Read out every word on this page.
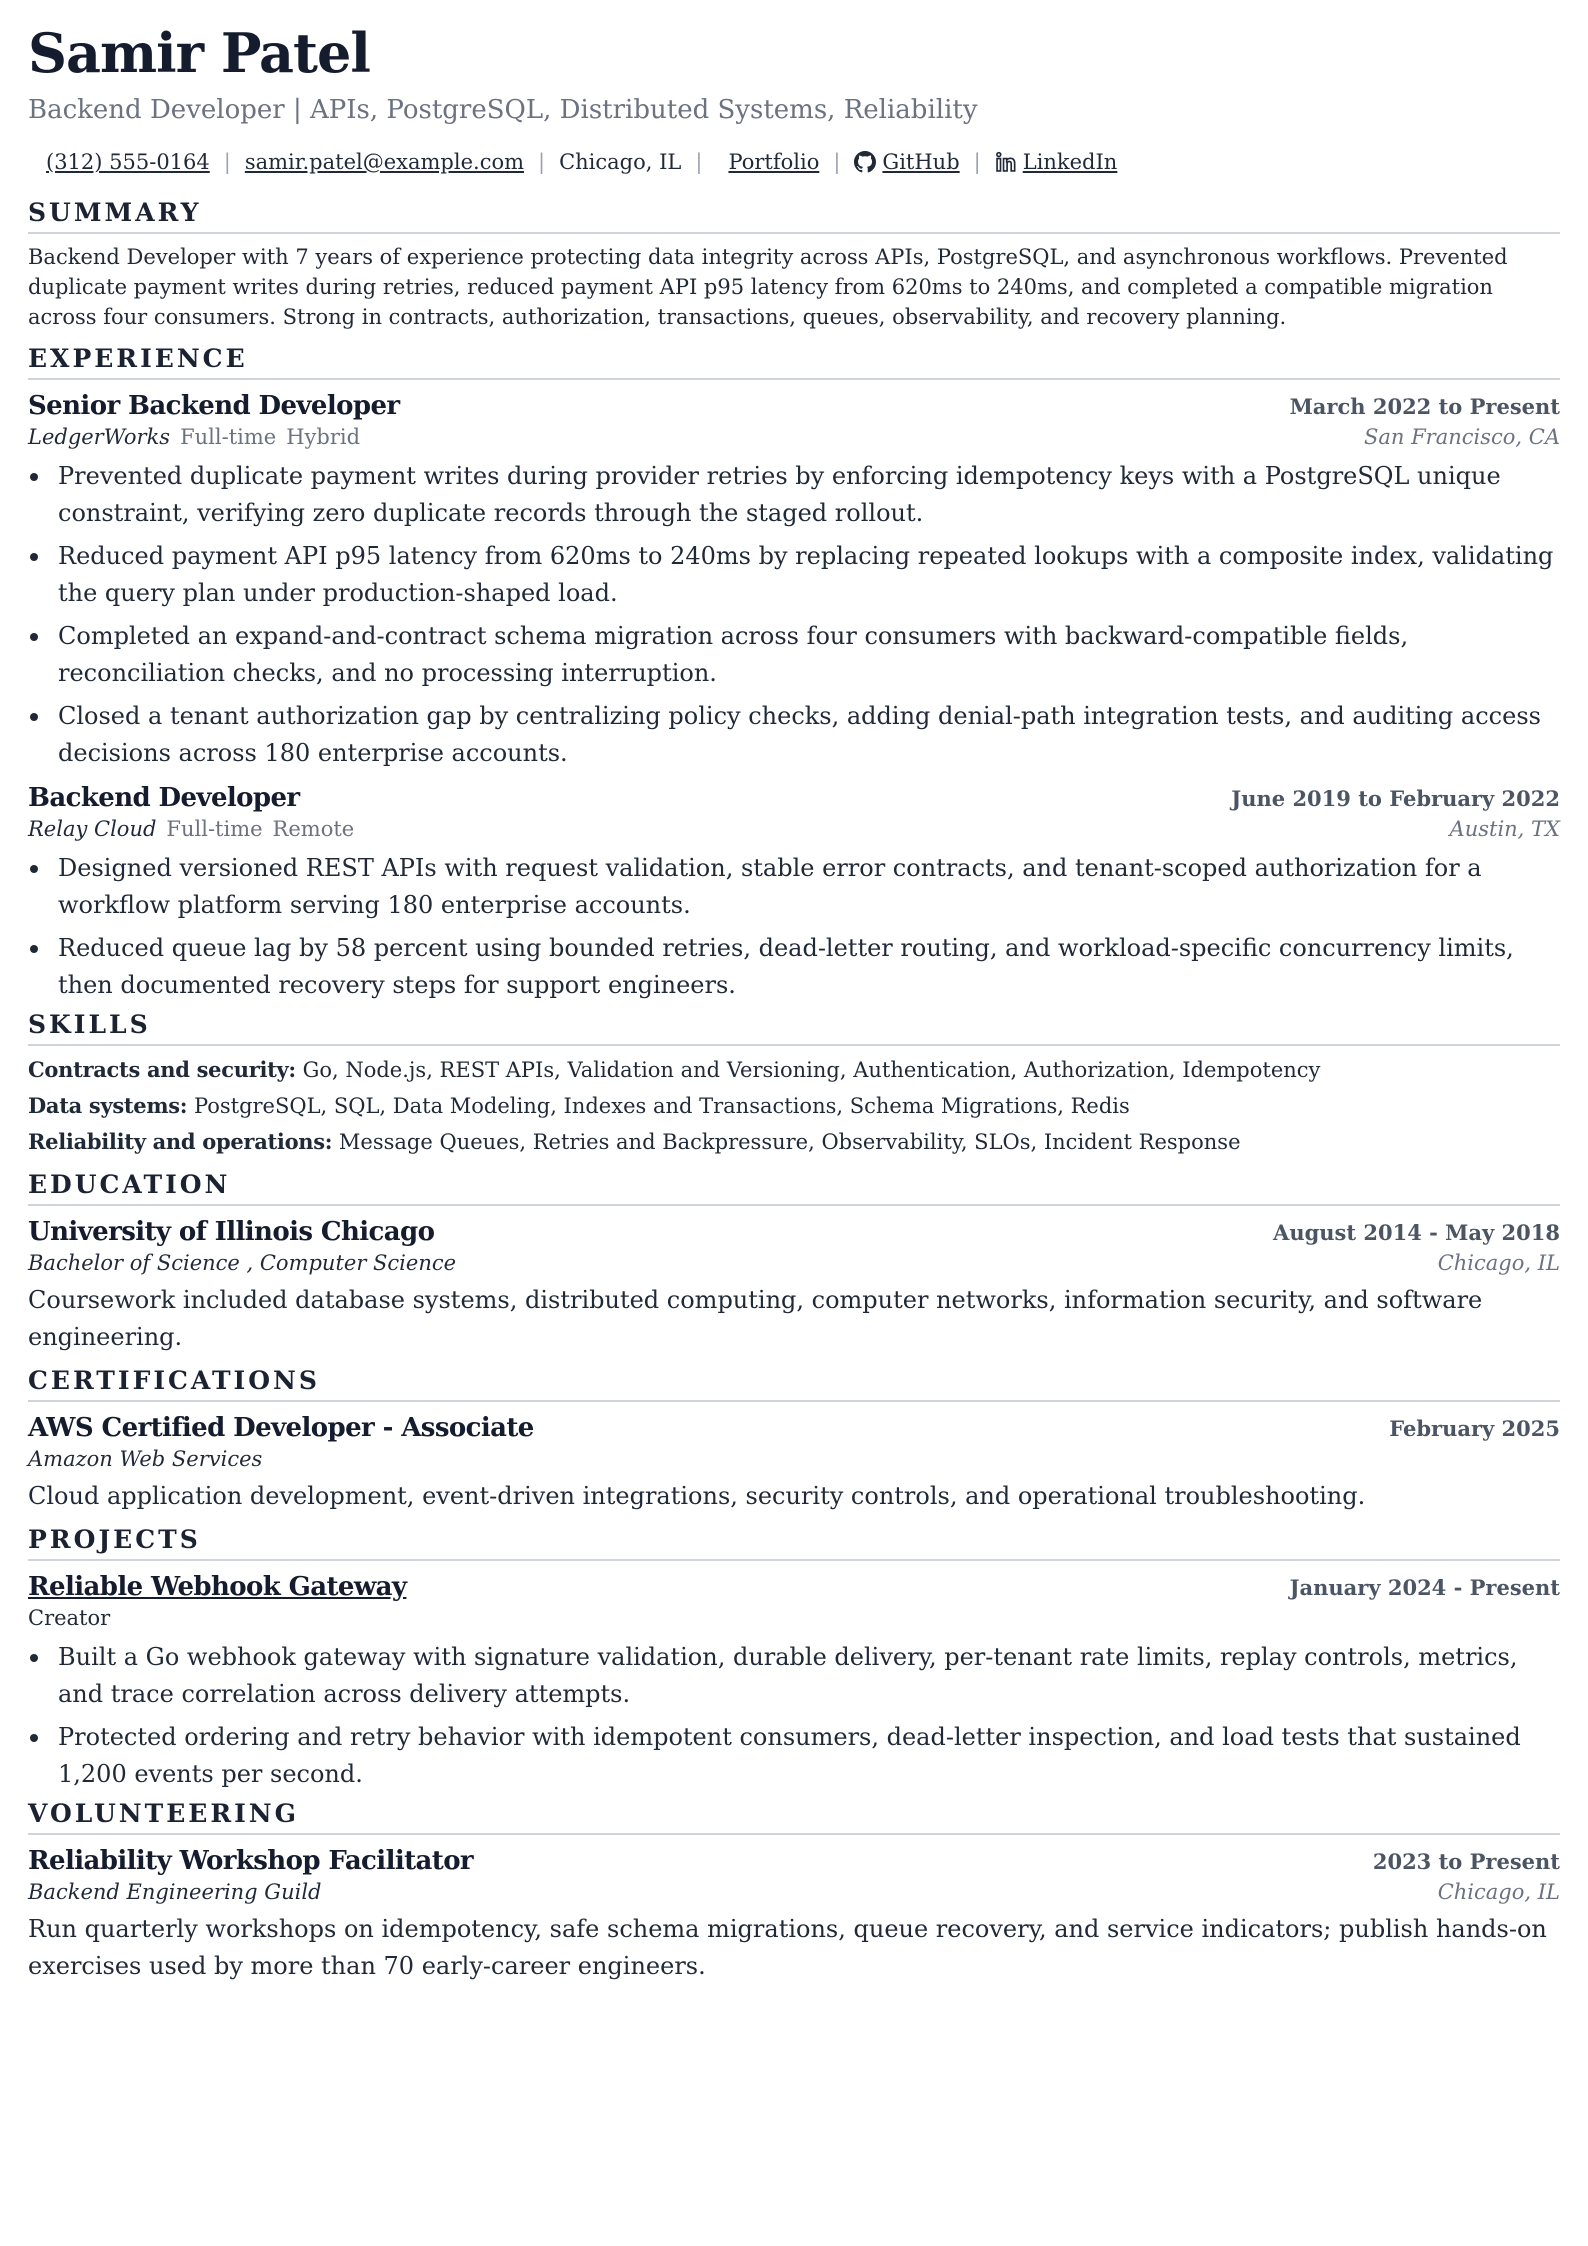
Samir Patel
Backend Developer | APIs, PostgreSQL, Distributed Systems, Reliability
(312) 555-0164 | samir.patel@example.com | Chicago, IL | Portfolio | GitHub | LinkedIn
SUMMARY
Backend Developer with 7 years of experience protecting data integrity across APIs, PostgreSQL, and asynchronous workflows. Prevented duplicate payment writes during retries, reduced payment API p95 latency from 620ms to 240ms, and completed a compatible migration across four consumers. Strong in contracts, authorization, transactions, queues, observability, and recovery planning.
EXPERIENCE
Senior Backend Developer	March 2022 to Present
LedgerWorks Full-time Hybrid	San Francisco, CA
Prevented duplicate payment writes during provider retries by enforcing idempotency keys with a PostgreSQL unique constraint, verifying zero duplicate records through the staged rollout.
Reduced payment API p95 latency from 620ms to 240ms by replacing repeated lookups with a composite index, validating the query plan under production-shaped load.
Completed an expand-and-contract schema migration across four consumers with backward-compatible fields, reconciliation checks, and no processing interruption.
Closed a tenant authorization gap by centralizing policy checks, adding denial-path integration tests, and auditing access decisions across 180 enterprise accounts.
Backend Developer	June 2019 to February 2022
Relay Cloud Full-time Remote	Austin, TX
Designed versioned REST APIs with request validation, stable error contracts, and tenant-scoped authorization for a workflow platform serving 180 enterprise accounts.
Reduced queue lag by 58 percent using bounded retries, dead-letter routing, and workload-specific concurrency limits, then documented recovery steps for support engineers.
SKILLS
Contracts and security: Go, Node.js, REST APIs, Validation and Versioning, Authentication, Authorization, Idempotency
Data systems: PostgreSQL, SQL, Data Modeling, Indexes and Transactions, Schema Migrations, Redis
Reliability and operations: Message Queues, Retries and Backpressure, Observability, SLOs, Incident Response
EDUCATION
University of Illinois Chicago	August 2014 - May 2018
Bachelor of Science , Computer Science	Chicago, IL
Coursework included database systems, distributed computing, computer networks, information security, and software engineering.
CERTIFICATIONS
AWS Certified Developer - Associate	February 2025
Amazon Web Services
Cloud application development, event-driven integrations, security controls, and operational troubleshooting.
PROJECTS
Reliable Webhook Gateway	January 2024 - Present
Creator
Built a Go webhook gateway with signature validation, durable delivery, per-tenant rate limits, replay controls, metrics, and trace correlation across delivery attempts.
Protected ordering and retry behavior with idempotent consumers, dead-letter inspection, and load tests that sustained 1,200 events per second.
VOLUNTEERING
Reliability Workshop Facilitator	2023 to Present
Backend Engineering Guild	Chicago, IL
Run quarterly workshops on idempotency, safe schema migrations, queue recovery, and service indicators; publish hands-on exercises used by more than 70 early-career engineers.
